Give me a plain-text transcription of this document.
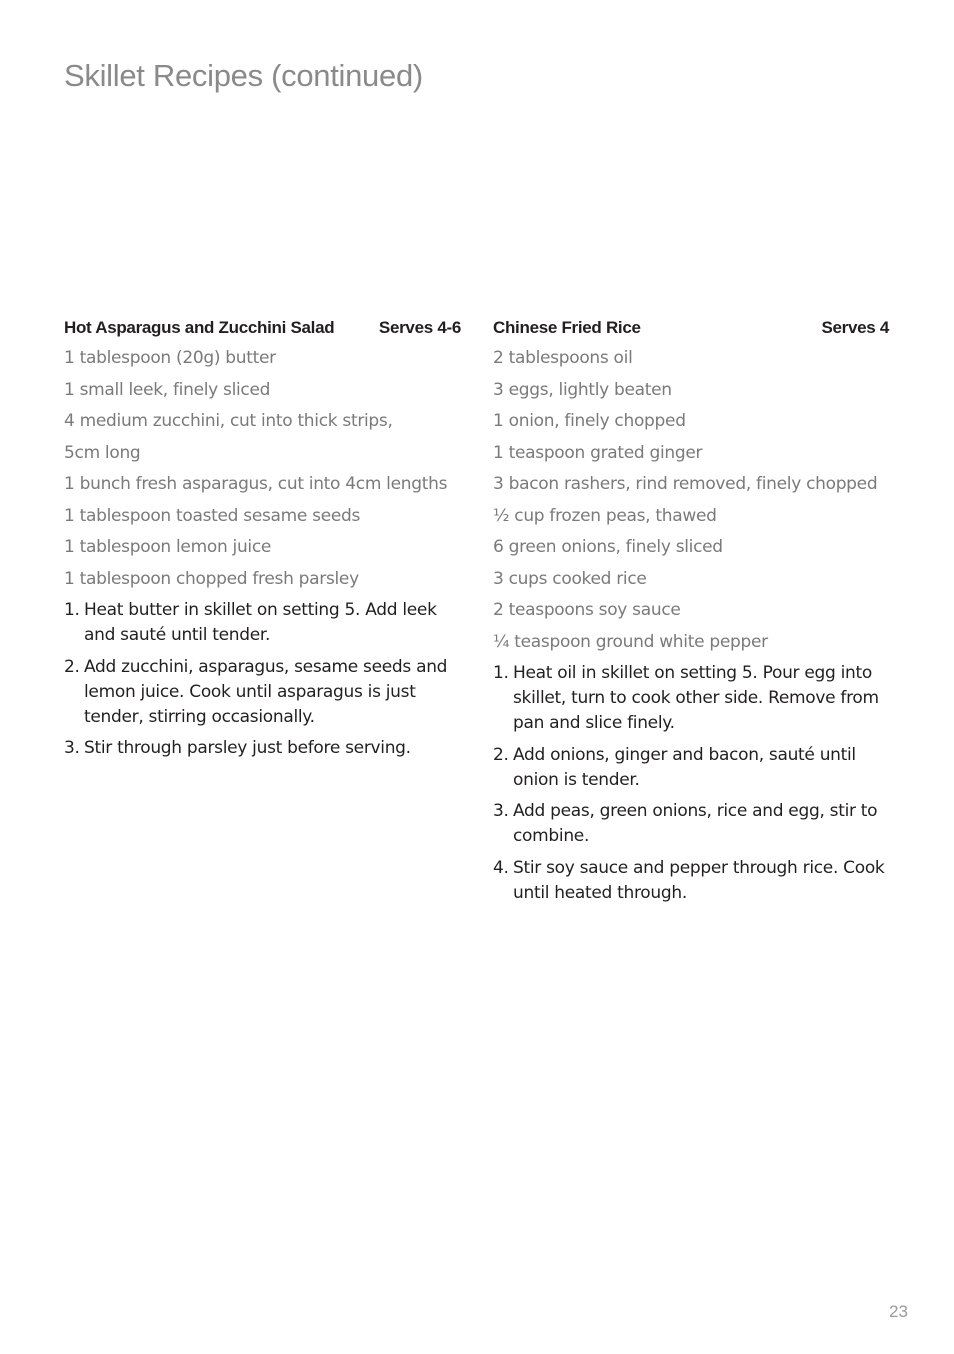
Skillet Recipes (continued)
Hot Asparagus and Zucchini Salad	Serves 4-6
1 tablespoon (20g) butter
1 small leek, finely sliced
4 medium zucchini, cut into thick strips,
5cm long
1 bunch fresh asparagus, cut into 4cm lengths
1 tablespoon toasted sesame seeds
1 tablespoon lemon juice
1 tablespoon chopped fresh parsley
1. Heat butter in skillet on setting 5. Add leek and sauté until tender.
2. Add zucchini, asparagus, sesame seeds and lemon juice. Cook until asparagus is just tender, stirring occasionally.
3. Stir through parsley just before serving.
Chinese Fried Rice	Serves 4
2 tablespoons oil
3 eggs, lightly beaten
1 onion, finely chopped
1 teaspoon grated ginger
3 bacon rashers, rind removed, finely chopped
½ cup frozen peas, thawed
6 green onions, finely sliced
3 cups cooked rice
2 teaspoons soy sauce
¼ teaspoon ground white pepper
1. Heat oil in skillet on setting 5. Pour egg into skillet, turn to cook other side. Remove from pan and slice finely.
2. Add onions, ginger and bacon, sauté until onion is tender.
3. Add peas, green onions, rice and egg, stir to combine.
4. Stir soy sauce and pepper through rice. Cook until heated through.
23
